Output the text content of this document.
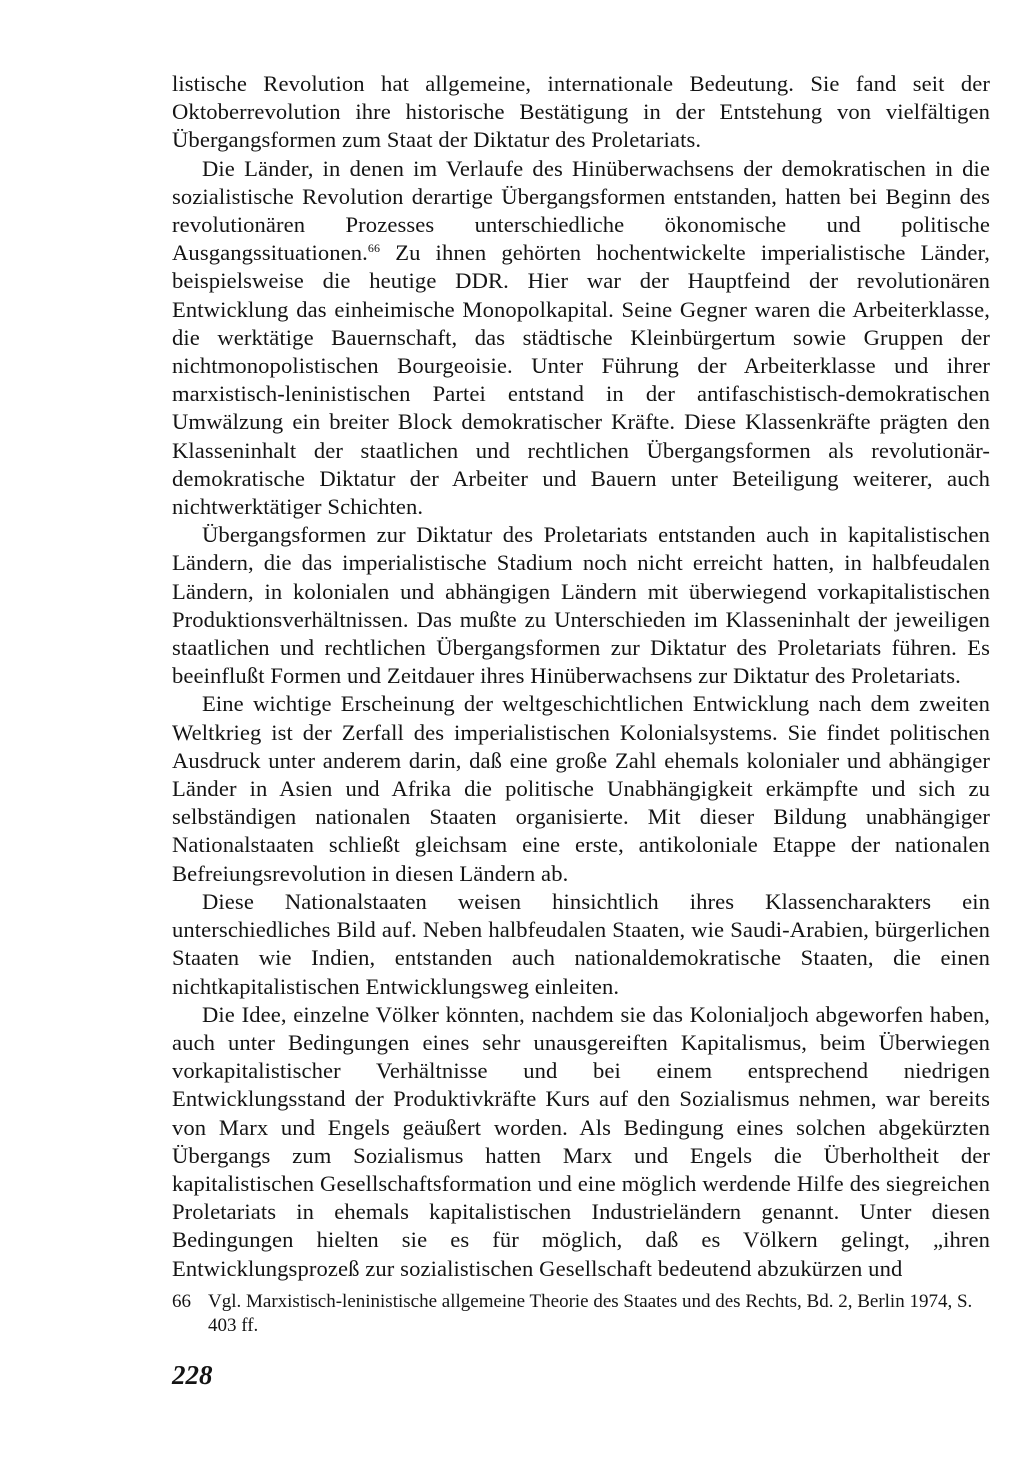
listische Revolution hat allgemeine, internationale Bedeutung. Sie fand seit der Oktoberrevolution ihre historische Bestätigung in der Entstehung von vielfältigen Übergangsformen zum Staat der Diktatur des Proletariats.

Die Länder, in denen im Verlaufe des Hinüberwachsens der demokratischen in die sozialistische Revolution derartige Übergangsformen entstanden, hatten bei Beginn des revolutionären Prozesses unterschiedliche ökonomische und politische Ausgangssituationen.$^{66}$ Zu ihnen gehörten hochentwickelte imperialistische Länder, beispielsweise die heutige DDR. Hier war der Hauptfeind der revolutionären Entwicklung das einheimische Monopolkapital. Seine Gegner waren die Arbeiterklasse, die werktätige Bauernschaft, das städtische Kleinbürgertum sowie Gruppen der nichtmonopolistischen Bourgeoisie. Unter Führung der Arbeiterklasse und ihrer marxistisch-leninistischen Partei entstand in der antifaschistisch-demokratischen Umwälzung ein breiter Block demokratischer Kräfte. Diese Klassenkräfte prägten den Klasseninhalt der staatlichen und rechtlichen Übergangsformen als revolutionär-demokratische Diktatur der Arbeiter und Bauern unter Beteiligung weiterer, auch nichtwerktätiger Schichten.

Übergangsformen zur Diktatur des Proletariats entstanden auch in kapitalistischen Ländern, die das imperialistische Stadium noch nicht erreicht hatten, in halbfeudalen Ländern, in kolonialen und abhängigen Ländern mit überwiegend vorkapitalistischen Produktionsverhältnissen. Das mußte zu Unterschieden im Klasseninhalt der jeweiligen staatlichen und rechtlichen Übergangsformen zur Diktatur des Proletariats führen. Es beeinflußt Formen und Zeitdauer ihres Hinüberwachsens zur Diktatur des Proletariats.

Eine wichtige Erscheinung der weltgeschichtlichen Entwicklung nach dem zweiten Weltkrieg ist der Zerfall des imperialistischen Kolonialsystems. Sie findet politischen Ausdruck unter anderem darin, daß eine große Zahl ehemals kolonialer und abhängiger Länder in Asien und Afrika die politische Unabhängigkeit erkämpfte und sich zu selbständigen nationalen Staaten organisierte. Mit dieser Bildung unabhängiger Nationalstaaten schließt gleichsam eine erste, antikoloniale Etappe der nationalen Befreiungsrevolution in diesen Ländern ab.

Diese Nationalstaaten weisen hinsichtlich ihres Klassencharakters ein unterschiedliches Bild auf. Neben halbfeudalen Staaten, wie Saudi-Arabien, bürgerlichen Staaten wie Indien, entstanden auch nationaldemokratische Staaten, die einen nichtkapitalistischen Entwicklungsweg einleiten.

Die Idee, einzelne Völker könnten, nachdem sie das Kolonialjoch abgeworfen haben, auch unter Bedingungen eines sehr unausgereiften Kapitalismus, beim Überwiegen vorkapitalistischer Verhältnisse und bei einem entsprechend niedrigen Entwicklungsstand der Produktivkräfte Kurs auf den Sozialismus nehmen, war bereits von Marx und Engels geäußert worden. Als Bedingung eines solchen abgekürzten Übergangs zum Sozialismus hatten Marx und Engels die Überholtheit der kapitalistischen Gesellschaftsformation und eine möglich werdende Hilfe des siegreichen Proletariats in ehemals kapitalistischen Industrieländern genannt. Unter diesen Bedingungen hielten sie es für möglich, daß es Völkern gelingt, „ihren Entwicklungsprozeß zur sozialistischen Gesellschaft bedeutend abzukürzen und

66 Vgl. Marxistisch-leninistische allgemeine Theorie des Staates und des Rechts, Bd. 2, Berlin 1974, S. 403 ff.
228
